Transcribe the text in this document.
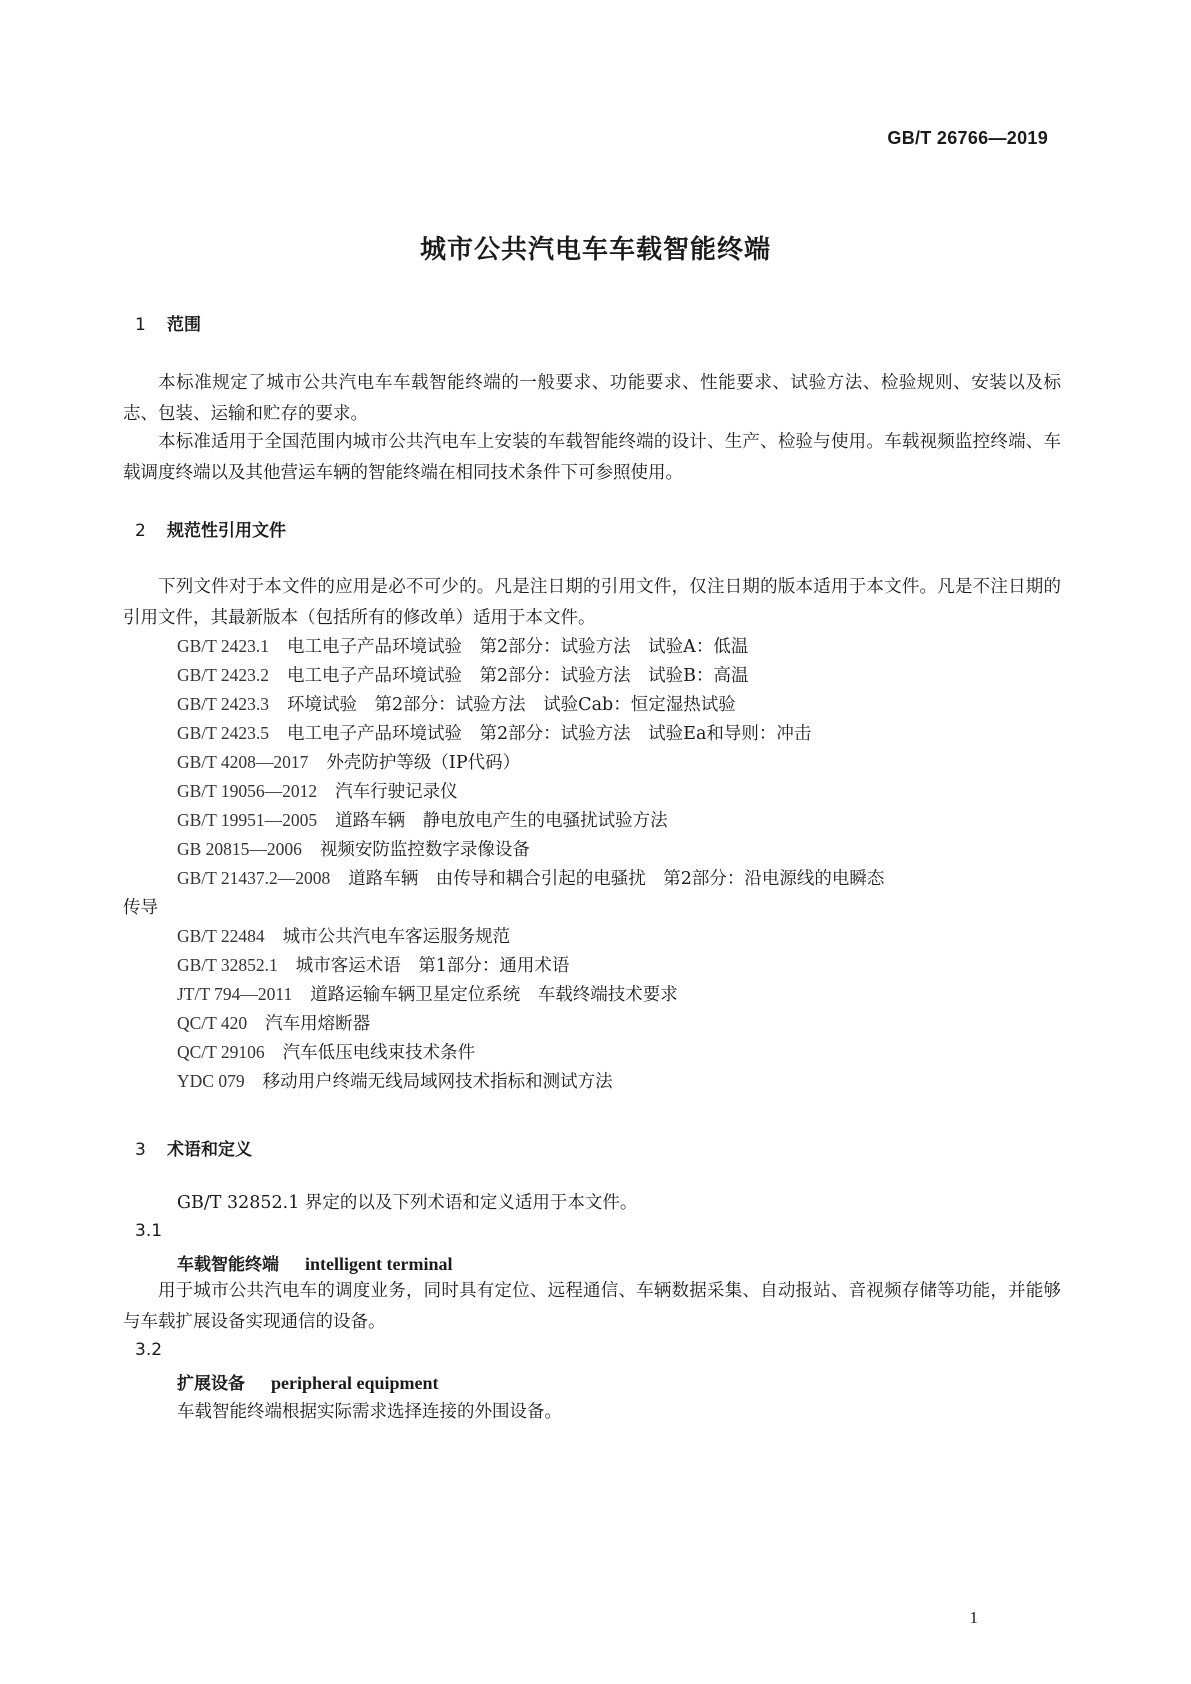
GB/T 26766—2019
城市公共汽电车车载智能终端
1 范围
本标准规定了城市公共汽电车车载智能终端的一般要求、功能要求、性能要求、试验方法、检验规则、安装以及标志、包装、运输和贮存的要求。
本标准适用于全国范围内城市公共汽电车上安装的车载智能终端的设计、生产、检验与使用。车载视频监控终端、车载调度终端以及其他营运车辆的智能终端在相同技术条件下可参照使用。
2 规范性引用文件
下列文件对于本文件的应用是必不可少的。凡是注日期的引用文件，仅注日期的版本适用于本文件。凡是不注日期的引用文件，其最新版本（包括所有的修改单）适用于本文件。
GB/T 2423.1 电工电子产品环境试验　第2部分：试验方法　试验A：低温
GB/T 2423.2 电工电子产品环境试验　第2部分：试验方法　试验B：高温
GB/T 2423.3 环境试验　第2部分：试验方法　试验Cab：恒定湿热试验
GB/T 2423.5 电工电子产品环境试验　第2部分：试验方法　试验Ea和导则：冲击
GB/T 4208—2017 外壳防护等级（IP代码）
GB/T 19056—2012 汽车行驶记录仪
GB/T 19951—2005 道路车辆　静电放电产生的电骚扰试验方法
GB 20815—2006 视频安防监控数字录像设备
GB/T 21437.2—2008 道路车辆　由传导和耦合引起的电骚扰　第2部分：沿电源线的电瞬态
传导
GB/T 22484 城市公共汽电车客运服务规范
GB/T 32852.1 城市客运术语　第1部分：通用术语
JT/T 794—2011 道路运输车辆卫星定位系统　车载终端技术要求
QC/T 420 汽车用熔断器
QC/T 29106 汽车低压电线束技术条件
YDC 079 移动用户终端无线局域网技术指标和测试方法
3 术语和定义
GB/T 32852.1 界定的以及下列术语和定义适用于本文件。
3.1
车载智能终端 intelligent terminal
用于城市公共汽电车的调度业务，同时具有定位、远程通信、车辆数据采集、自动报站、音视频存储等功能，并能够与车载扩展设备实现通信的设备。
3.2
扩展设备 peripheral equipment
车载智能终端根据实际需求选择连接的外围设备。
1
